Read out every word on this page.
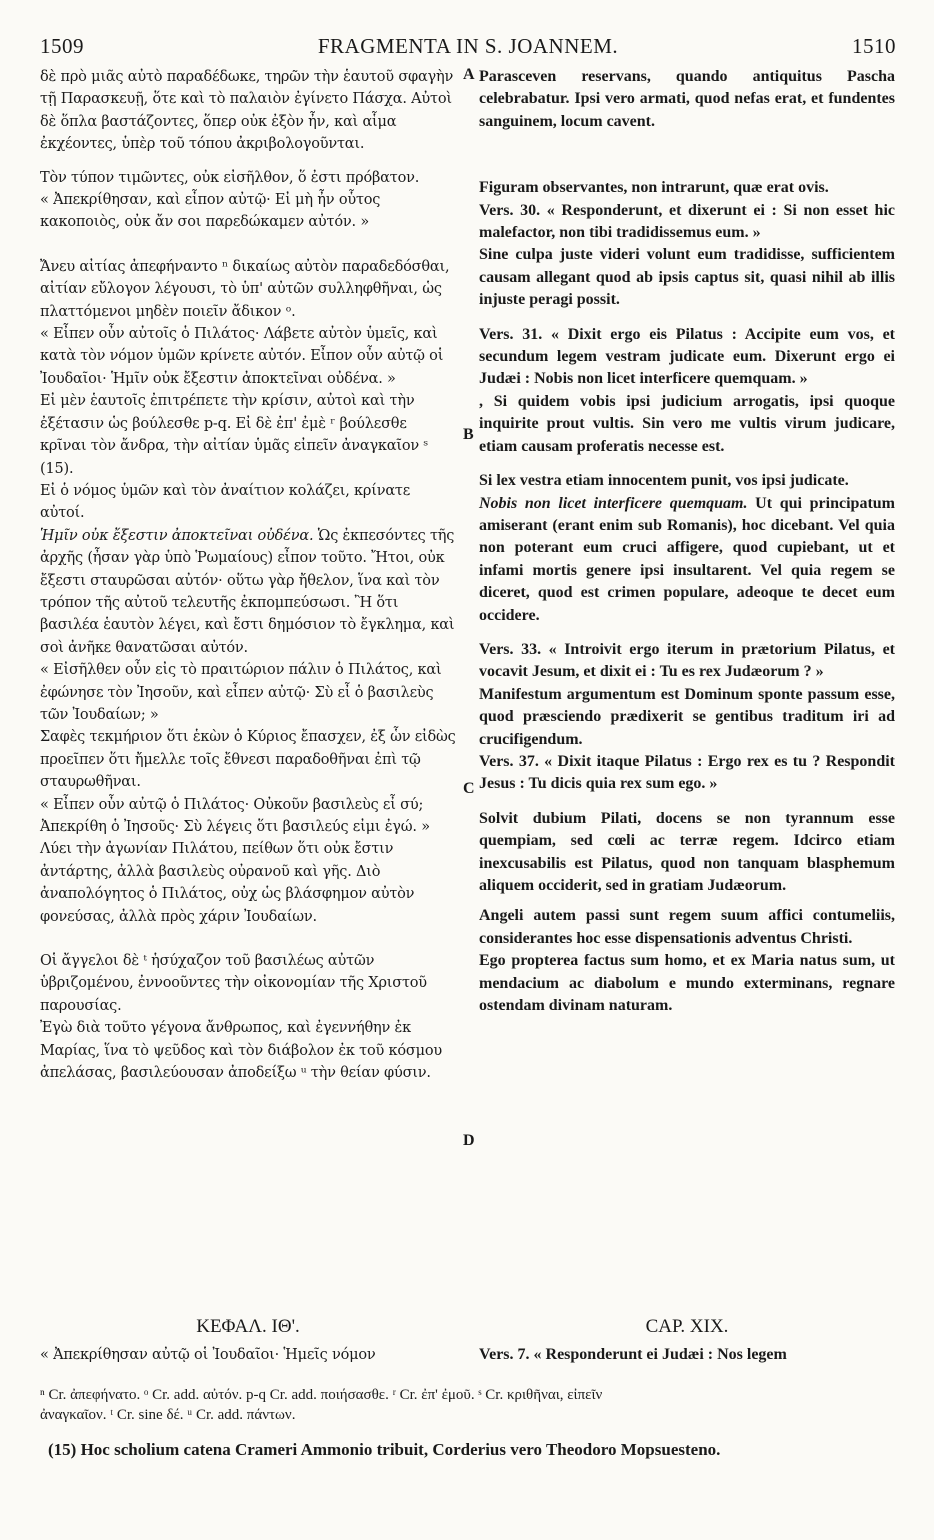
1509	FRAGMENTA IN S. JOANNEM.	1510
A
B
C
D

δὲ πρὸ μιᾶς αὐτὸ παραδέδωκε, τηρῶν τὴν ἑαυτοῦ σφαγὴν τῇ Παρασκευῇ, ὅτε καὶ τὸ παλαιὸν ἐγίνετο Πάσχα. Αὐτοὶ δὲ ὅπλα βαστάζοντες, ὅπερ οὐκ ἐξὸν ἦν, καὶ αἷμα ἐκχέοντες, ὑπὲρ τοῦ τόπου ἀκριβολογοῦνται.

Τὸν τύπον τιμῶντες, οὐκ εἰσῆλθον, ὅ ἐστι πρόβατον.

« Ἀπεκρίθησαν, καὶ εἶπον αὐτῷ· Εἰ μὴ ἦν οὗτος κακοποιὸς, οὐκ ἄν σοι παρεδώκαμεν αὐτόν. »

Ἄνευ αἰτίας ἀπεφήναντο ⁿ δικαίως αὐτὸν παραδεδόσθαι, αἰτίαν εὔλογον λέγουσι, τὸ ὑπ' αὐτῶν συλληφθῆναι, ὡς πλαττόμενοι μηδὲν ποιεῖν ἄδικον ᵒ.

« Εἶπεν οὖν αὐτοῖς ὁ Πιλάτος· Λάβετε αὐτὸν ὑμεῖς, καὶ κατὰ τὸν νόμον ὑμῶν κρίνετε αὐτόν. Εἶπον οὖν αὐτῷ οἱ Ἰουδαῖοι· Ἡμῖν οὐκ ἔξεστιν ἀποκτεῖναι οὐδένα. »

Εἰ μὲν ἑαυτοῖς ἐπιτρέπετε τὴν κρίσιν, αὐτοὶ καὶ τὴν ἐξέτασιν ὡς βούλεσθε p-q. Εἰ δὲ ἐπ' ἐμὲ ʳ βούλεσθε κρῖναι τὸν ἄνδρα, τὴν αἰτίαν ὑμᾶς εἰπεῖν ἀναγκαῖον ˢ (15).

Εἰ ὁ νόμος ὑμῶν καὶ τὸν ἀναίτιον κολάζει, κρίνατε αὐτοί.

Ἡμῖν οὐκ ἔξεστιν ἀποκτεῖναι οὐδένα. Ὡς ἐκπεσόντες τῆς ἀρχῆς (ἦσαν γὰρ ὑπὸ Ῥωμαίους) εἶπον τοῦτο. Ἤτοι, οὐκ ἔξεστι σταυρῶσαι αὐτόν· οὕτω γὰρ ἤθελον, ἵνα καὶ τὸν τρόπον τῆς αὐτοῦ τελευτῆς ἐκπομπεύσωσι. Ἢ ὅτι βασιλέα ἑαυτὸν λέγει, καὶ ἔστι δημόσιον τὸ ἔγκλημα, καὶ σοὶ ἀνῆκε θανατῶσαι αὐτόν.

« Εἰσῆλθεν οὖν εἰς τὸ πραιτώριον πάλιν ὁ Πιλάτος, καὶ ἐφώνησε τὸν Ἰησοῦν, καὶ εἶπεν αὐτῷ· Σὺ εἶ ὁ βασιλεὺς τῶν Ἰουδαίων; »

Σαφὲς τεκμήριον ὅτι ἑκὼν ὁ Κύριος ἔπασχεν, ἐξ ὧν εἰδὼς προεῖπεν ὅτι ἤμελλε τοῖς ἔθνεσι παραδοθῆναι ἐπὶ τῷ σταυρωθῆναι.

« Εἶπεν οὖν αὐτῷ ὁ Πιλάτος· Οὐκοῦν βασιλεὺς εἶ σύ; Ἀπεκρίθη ὁ Ἰησοῦς· Σὺ λέγεις ὅτι βασιλεύς εἰμι ἐγώ. »

Λύει τὴν ἀγωνίαν Πιλάτου, πείθων ὅτι οὐκ ἔστιν ἀντάρτης, ἀλλὰ βασιλεὺς οὐρανοῦ καὶ γῆς. Διὸ ἀναπολόγητος ὁ Πιλάτος, οὐχ ὡς βλάσφημον αὐτὸν φονεύσας, ἀλλὰ πρὸς χάριν Ἰουδαίων.

Οἱ ἄγγελοι δὲ ᵗ ἡσύχαζον τοῦ βασιλέως αὐτῶν ὑβριζομένου, ἐννοοῦντες τὴν οἰκονομίαν τῆς Χριστοῦ παρουσίας.

Ἐγὼ διὰ τοῦτο γέγονα ἄνθρωπος, καὶ ἐγεννήθην ἐκ Μαρίας, ἵνα τὸ ψεῦδος καὶ τὸν διάβολον ἐκ τοῦ κόσμου ἀπελάσας, βασιλεύουσαν ἀποδείξω ᵘ τὴν θείαν φύσιν.

ΚΕΦΑΛ. ΙΘ'.

« Ἀπεκρίθησαν αὐτῷ οἱ Ἰουδαῖοι· Ἡμεῖς νόμον

Parasceven reservans, quando antiquitus Pascha celebrabatur. Ipsi vero armati, quod nefas erat, et fundentes sanguinem, locum cavent.

Figuram observantes, non intrarunt, quæ erat ovis.

Vers. 30. « Responderunt, et dixerunt ei : Si non esset hic malefactor, non tibi tradidissemus eum. »

Sine culpa juste videri volunt eum tradidisse, sufficientem causam allegant quod ab ipsis captus sit, quasi nihil ab illis injuste peragi possit.

Vers. 31. « Dixit ergo eis Pilatus : Accipite eum vos, et secundum legem vestram judicate eum. Dixerunt ergo ei Judæi : Nobis non licet interficere quemquam. »

, Si quidem vobis ipsi judicium arrogatis, ipsi quoque inquirite prout vultis. Sin vero me vultis virum judicare, etiam causam proferatis necesse est.

Si lex vestra etiam innocentem punit, vos ipsi judicate.

Nobis non licet interficere quemquam. Ut qui principatum amiserant (erant enim sub Romanis), hoc dicebant. Vel quia non poterant eum cruci affigere, quod cupiebant, ut et infami mortis genere ipsi insultarent. Vel quia regem se diceret, quod est crimen populare, adeoque te decet eum occidere.

Vers. 33. « Introivit ergo iterum in prætorium Pilatus, et vocavit Jesum, et dixit ei : Tu es rex Judæorum ? »

Manifestum argumentum est Dominum sponte passum esse, quod præsciendo prædixerit se gentibus traditum iri ad crucifigendum.

Vers. 37. « Dixit itaque Pilatus : Ergo rex es tu ? Respondit Jesus : Tu dicis quia rex sum ego. »

Solvit dubium Pilati, docens se non tyrannum esse quempiam, sed cœli ac terræ regem. Idcirco etiam inexcusabilis est Pilatus, quod non tanquam blasphemum aliquem occiderit, sed in gratiam Judæorum.

Angeli autem passi sunt regem suum affici contumeliis, considerantes hoc esse dispensationis adventus Christi.

Ego propterea factus sum homo, et ex Maria natus sum, ut mendacium ac diabolum e mundo exterminans, regnare ostendam divinam naturam.

CAP. XIX.

Vers. 7. « Responderunt ei Judæi : Nos legem

ⁿ Cr. ἀπεφήνατο. ᵒ Cr. add. αὐτόν. p-q Cr. add. ποιήσασθε. ʳ Cr. ἐπ' ἐμοῦ. ˢ Cr. κριθῆναι, εἰπεῖν

ἀναγκαῖον. ᵗ Cr. sine δέ. ᵘ Cr. add. πάντων.

(15) Hoc scholium catena Crameri Ammonio tribuit, Corderius vero Theodoro Mopsuesteno.
